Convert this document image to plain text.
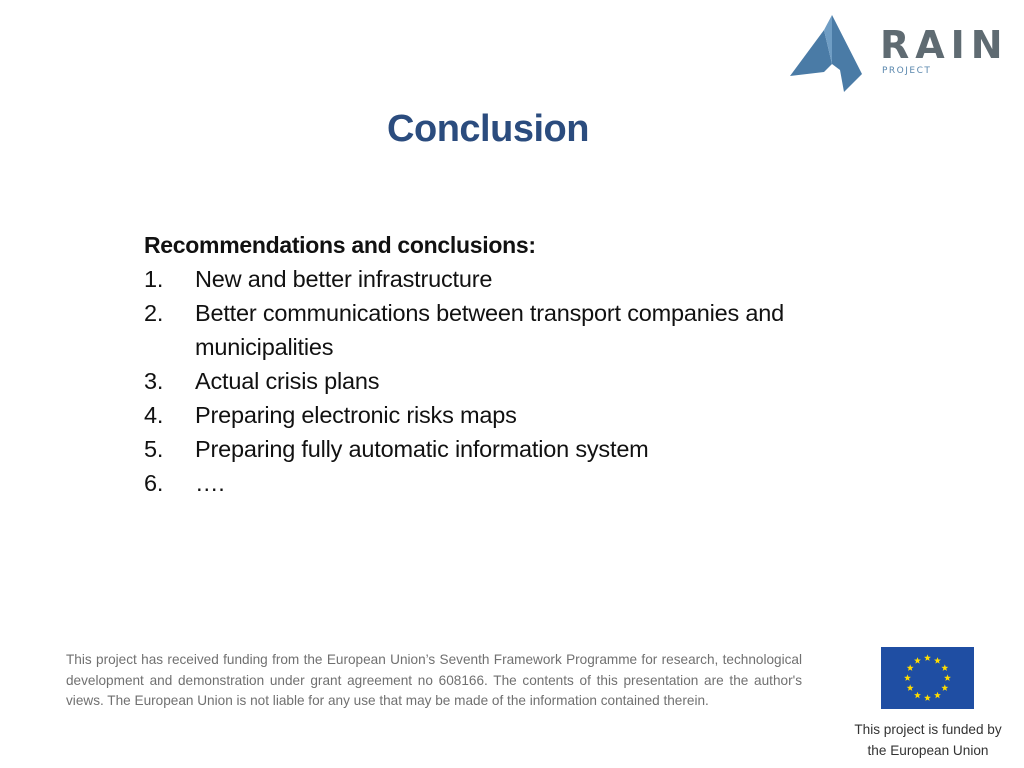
RAIN
PROJECT
Conclusion
Recommendations and conclusions:
1.	New and better infrastructure
2.	Better communications between transport companies and municipalities
3.	Actual crisis plans
4.	Preparing electronic risks maps
5.	Preparing fully automatic information system
6.	….
This project has received funding from the European Union’s Seventh Framework Programme for research, technological development and demonstration under grant agreement no 608166. The contents of this presentation are the author's views. The European Union is not liable for any use that may be made of the information contained therein.
This project is funded by
the European Union
